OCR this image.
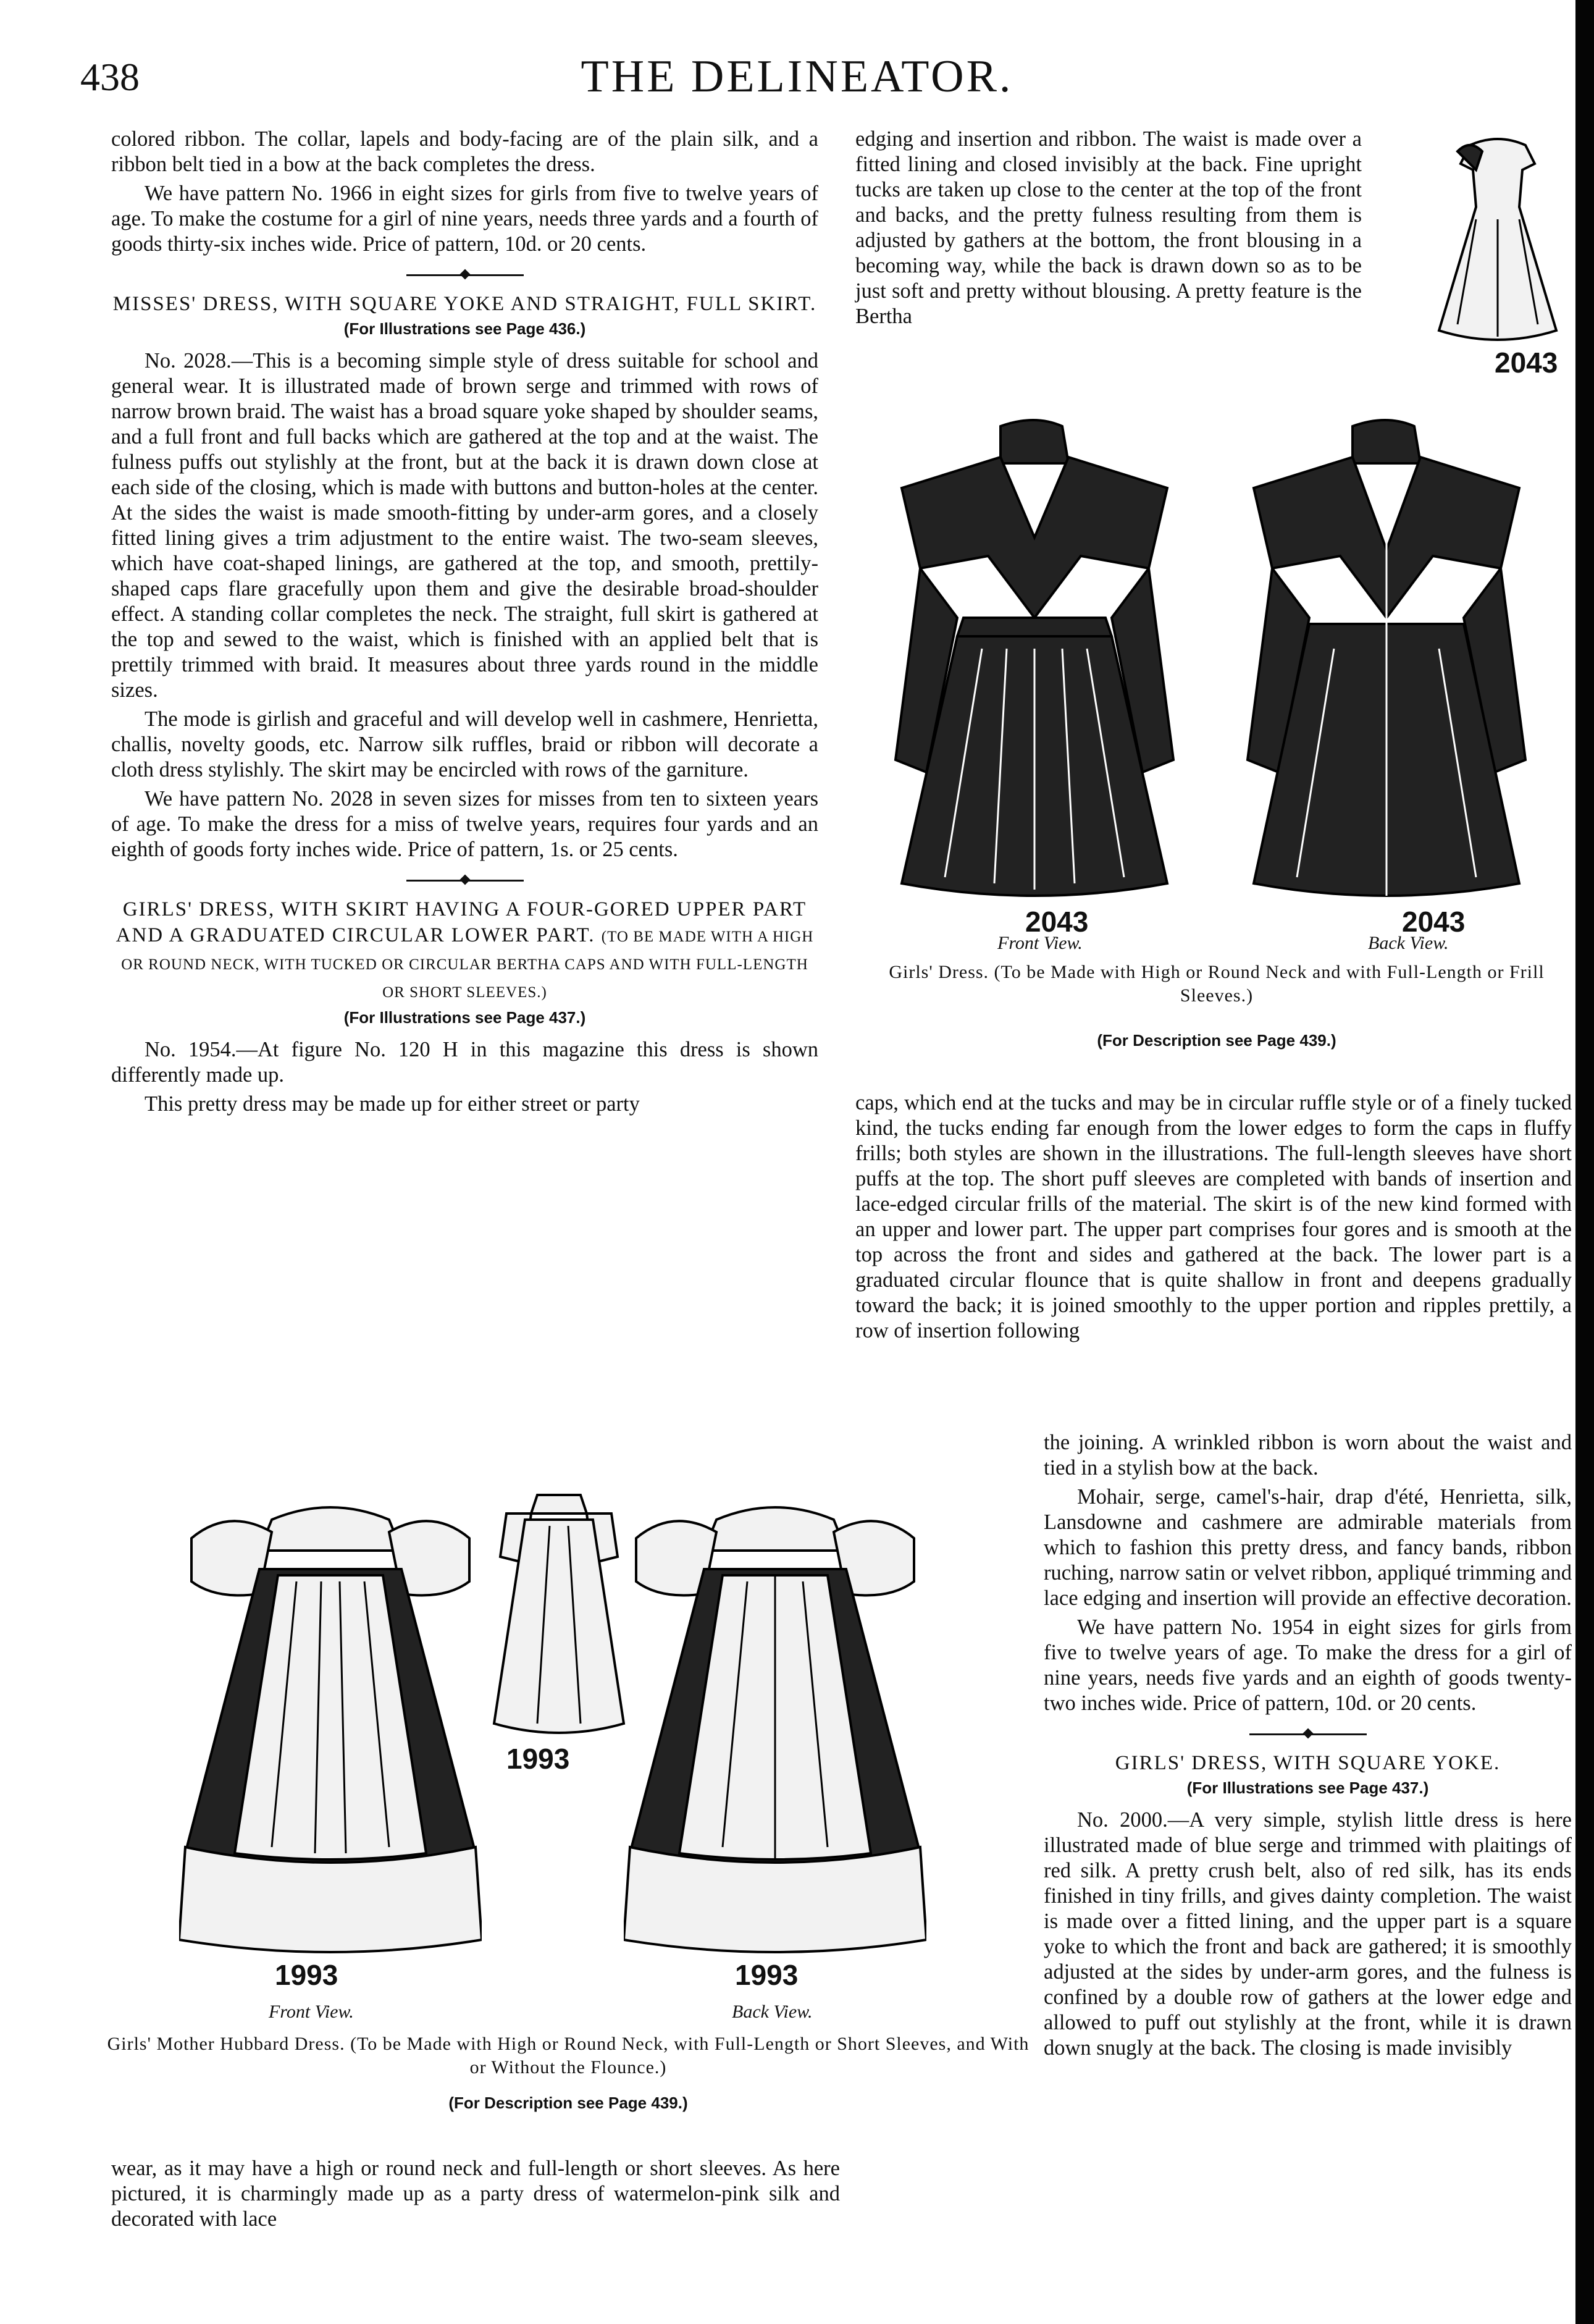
438	THE DELINEATOR.

colored ribbon. The collar, lapels and body-facing are of the plain silk, and a ribbon belt tied in a bow at the back completes the dress.

We have pattern No. 1966 in eight sizes for girls from five to twelve years of age. To make the costume for a girl of nine years, needs three yards and a fourth of goods thirty-six inches wide. Price of pattern, 10d. or 20 cents.

MISSES' DRESS, WITH SQUARE YOKE AND STRAIGHT, FULL SKIRT.

(For Illustrations see Page 436.)

No. 2028.—This is a becoming simple style of dress suitable for school and general wear. It is illustrated made of brown serge and trimmed with rows of narrow brown braid. The waist has a broad square yoke shaped by shoulder seams, and a full front and full backs which are gathered at the top and at the waist. The fulness puffs out stylishly at the front, but at the back it is drawn down close at each side of the closing, which is made with buttons and button-holes at the center. At the sides the waist is made smooth-fitting by under-arm gores, and a closely fitted lining gives a trim adjustment to the entire waist. The two-seam sleeves, which have coat-shaped linings, are gathered at the top, and smooth, prettily-shaped caps flare gracefully upon them and give the desirable broad-shoulder effect. A standing collar completes the neck. The straight, full skirt is gathered at the top and sewed to the waist, which is finished with an applied belt that is prettily trimmed with braid. It measures about three yards round in the middle sizes.

The mode is girlish and graceful and will develop well in cashmere, Henrietta, challis, novelty goods, etc. Narrow silk ruffles, braid or ribbon will decorate a cloth dress stylishly. The skirt may be encircled with rows of the garniture.

We have pattern No. 2028 in seven sizes for misses from ten to sixteen years of age. To make the dress for a miss of twelve years, requires four yards and an eighth of goods forty inches wide. Price of pattern, 1s. or 25 cents.

GIRLS' DRESS, WITH SKIRT HAVING A FOUR-GORED UPPER PART AND A GRADUATED CIRCULAR LOWER PART. (TO BE MADE WITH A HIGH OR ROUND NECK, WITH TUCKED OR CIRCULAR BERTHA CAPS AND WITH FULL-LENGTH OR SHORT SLEEVES.)

(For Illustrations see Page 437.)

No. 1954.—At figure No. 120 H in this magazine this dress is shown differently made up.

This pretty dress may be made up for either street or party

edging and insertion and ribbon. The waist is made over a fitted lining and closed invisibly at the back. Fine upright tucks are taken up close to the center at the top of the front and backs, and the pretty fulness resulting from them is adjusted by gathers at the bottom, the front blousing in a becoming way, while the back is drawn down so as to be just soft and pretty without blousing. A pretty feature is the Bertha

2043
2043	2043
Front View.	Back View.
Girls' Dress. (To be Made with High or Round Neck and with Full-Length or Frill Sleeves.)
(For Description see Page 439.)

caps, which end at the tucks and may be in circular ruffle style or of a finely tucked kind, the tucks ending far enough from the lower edges to form the caps in fluffy frills; both styles are shown in the illustrations. The full-length sleeves have short puffs at the top. The short puff sleeves are completed with bands of insertion and lace-edged circular frills of the material. The skirt is of the new kind formed with an upper and lower part. The upper part comprises four gores and is smooth at the top across the front and sides and gathered at the back. The lower part is a graduated circular flounce that is quite shallow in front and deepens gradually toward the back; it is joined smoothly to the upper portion and ripples prettily, a row of insertion following

the joining. A wrinkled ribbon is worn about the waist and tied in a stylish bow at the back.

Mohair, serge, camel's-hair, drap d'été, Henrietta, silk, Lansdowne and cashmere are admirable materials from which to fashion this pretty dress, and fancy bands, ribbon ruching, narrow satin or velvet ribbon, appliqué trimming and lace edging and insertion will provide an effective decoration.

We have pattern No. 1954 in eight sizes for girls from five to twelve years of age. To make the dress for a girl of nine years, needs five yards and an eighth of goods twenty-two inches wide. Price of pattern, 10d. or 20 cents.

GIRLS' DRESS, WITH SQUARE YOKE.

(For Illustrations see Page 437.)

No. 2000.—A very simple, stylish little dress is here illustrated made of blue serge and trimmed with plaitings of red silk. A pretty crush belt, also of red silk, has its ends finished in tiny frills, and gives dainty completion. The waist is made over a fitted lining, and the upper part is a square yoke to which the front and back are gathered; it is smoothly adjusted at the sides by under-arm gores, and the fulness is confined by a double row of gathers at the lower edge and allowed to puff out stylishly at the front, while it is drawn down snugly at the back. The closing is made invisibly

1993
1993	1993
Front View.	Back View.
Girls' Mother Hubbard Dress. (To be Made with High or Round Neck, with Full-Length or Short Sleeves, and With or Without the Flounce.)
(For Description see Page 439.)

wear, as it may have a high or round neck and full-length or short sleeves. As here pictured, it is charmingly made up as a party dress of watermelon-pink silk and decorated with lace
